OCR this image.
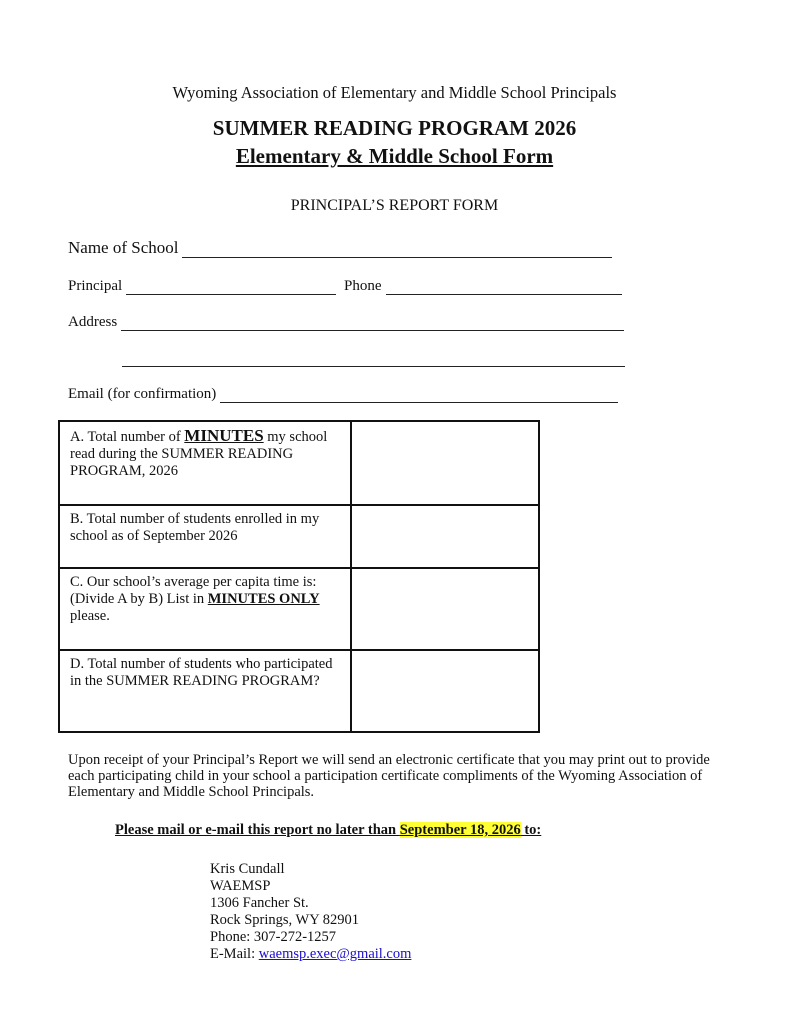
Wyoming Association of Elementary and Middle School Principals
SUMMER READING PROGRAM 2026
Elementary & Middle School Form
PRINCIPAL’S REPORT FORM
Name of School
Principal	Phone
Address
Email (for confirmation)
A. Total number of MINUTES my school read during the SUMMER READING PROGRAM, 2026	
B. Total number of students enrolled in my school as of September 2026	
C. Our school’s average per capita time is: (Divide A by B) List in MINUTES ONLY please.	
D. Total number of students who participated in the SUMMER READING PROGRAM?	
Upon receipt of your Principal’s Report we will send an electronic certificate that you may print out to provide each participating child in your school a participation certificate compliments of the Wyoming Association of Elementary and Middle School Principals.
Please mail or e-mail this report no later than September 18, 2026 to:
Kris Cundall
WAEMSP
1306 Fancher St.
Rock Springs, WY 82901
Phone: 307-272-1257
E-Mail: waemsp.exec@gmail.com
